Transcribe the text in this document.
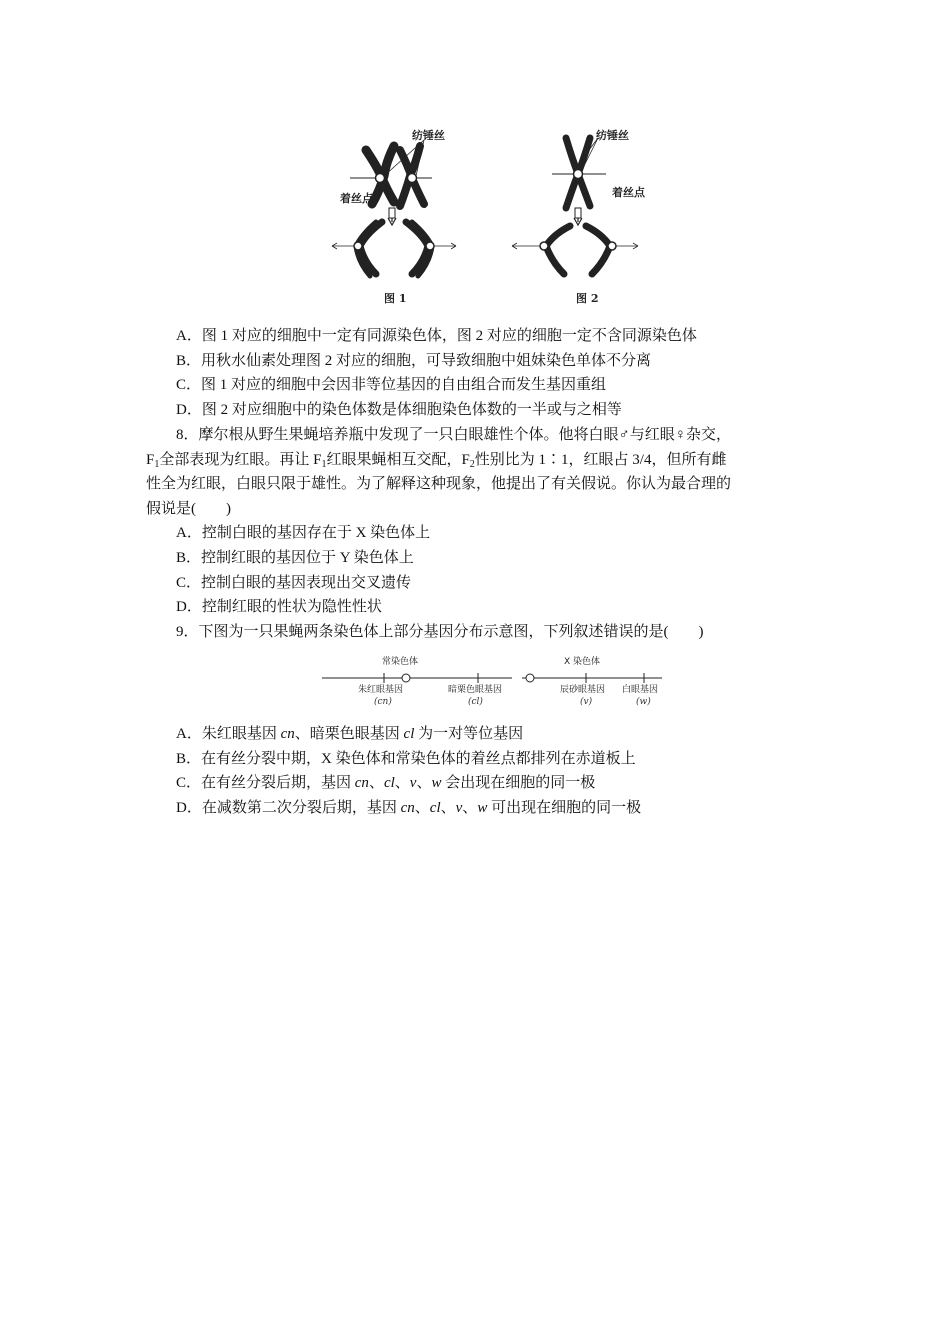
纺锤丝
着丝点
图 1
纺锤丝
着丝点
图 2
A．图 1 对应的细胞中一定有同源染色体，图 2 对应的细胞一定不含同源染色体
B．用秋水仙素处理图 2 对应的细胞，可导致细胞中姐妹染色单体不分离
C．图 1 对应的细胞中会因非等位基因的自由组合而发生基因重组
D．图 2 对应细胞中的染色体数是体细胞染色体数的一半或与之相等
8．摩尔根从野生果蝇培养瓶中发现了一只白眼雄性个体。他将白眼♂与红眼♀杂交，
$F_1$全部表现为红眼。再让 $F_1$红眼果蝇相互交配，$F_2$性别比为 1∶1，红眼占 3/4，但所有雌
性全为红眼，白眼只限于雄性。为了解释这种现象，他提出了有关假说。你认为最合理的
假说是(　　)
A．控制白眼的基因存在于 X 染色体上
B．控制红眼的基因位于 Y 染色体上
C．控制白眼的基因表现出交叉遗传
D．控制红眼的性状为隐性性状
9．下图为一只果蝇两条染色体上部分基因分布示意图，下列叙述错误的是(　　)
常染色体	X 染色体
朱红眼基因
(cn)
暗栗色眼基因
(cl)
辰砂眼基因
(v)
白眼基因
(w)
A．朱红眼基因 cn、暗栗色眼基因 cl 为一对等位基因
B．在有丝分裂中期，X 染色体和常染色体的着丝点都排列在赤道板上
C．在有丝分裂后期，基因 cn、cl、v、w 会出现在细胞的同一极
D．在减数第二次分裂后期，基因 cn、cl、v、w 可出现在细胞的同一极
